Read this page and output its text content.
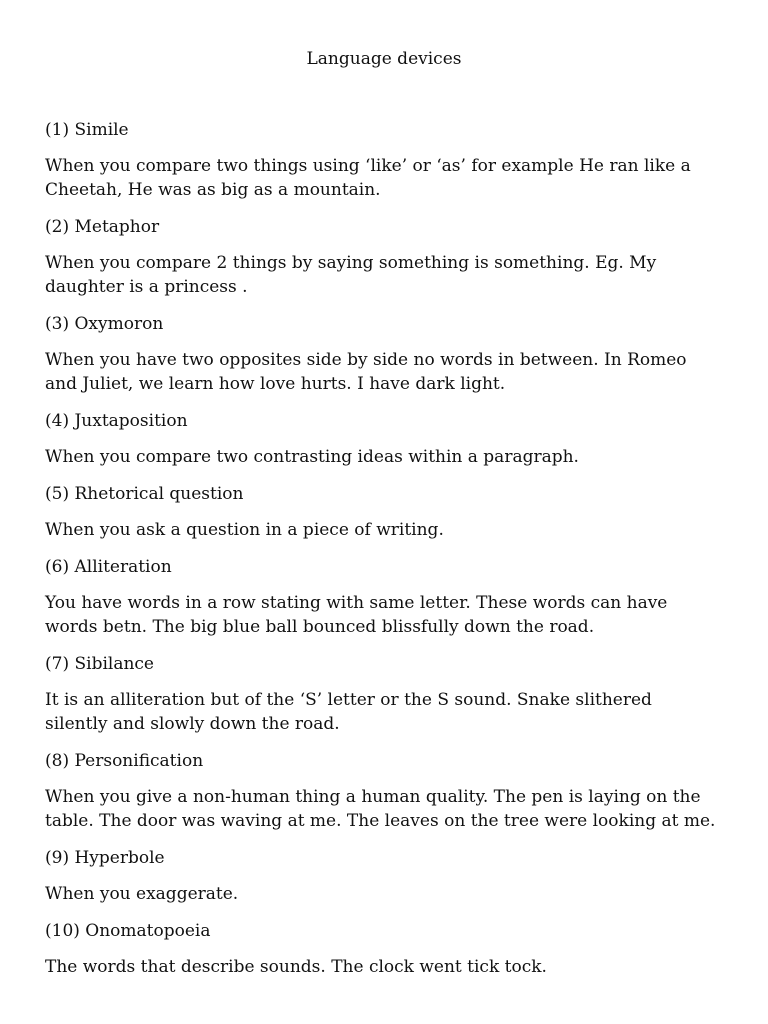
Language devices
(1) Simile
When you compare two things using ‘like’ or ‘as’ for example He ran like a
Cheetah, He was as big as a mountain.
(2) Metaphor
When you compare 2 things by saying something is something. Eg. My
daughter is a princess .
(3) Oxymoron
When you have two opposites side by side no words in between. In Romeo
and Juliet, we learn how love hurts. I have dark light.
(4) Juxtaposition
When you compare two contrasting ideas within a paragraph.
(5) Rhetorical question
When you ask a question in a piece of writing.
(6) Alliteration
You have words in a row stating with same letter. These words can have
words betn. The big blue ball bounced blissfully down the road.
(7) Sibilance
It is an alliteration but of the ‘S’ letter or the S sound. Snake slithered
silently and slowly down the road.
(8) Personification
When you give a non-human thing a human quality. The pen is laying on the
table. The door was waving at me. The leaves on the tree were looking at me.
(9) Hyperbole
When you exaggerate.
(10) Onomatopoeia
The words that describe sounds. The clock went tick tock.
